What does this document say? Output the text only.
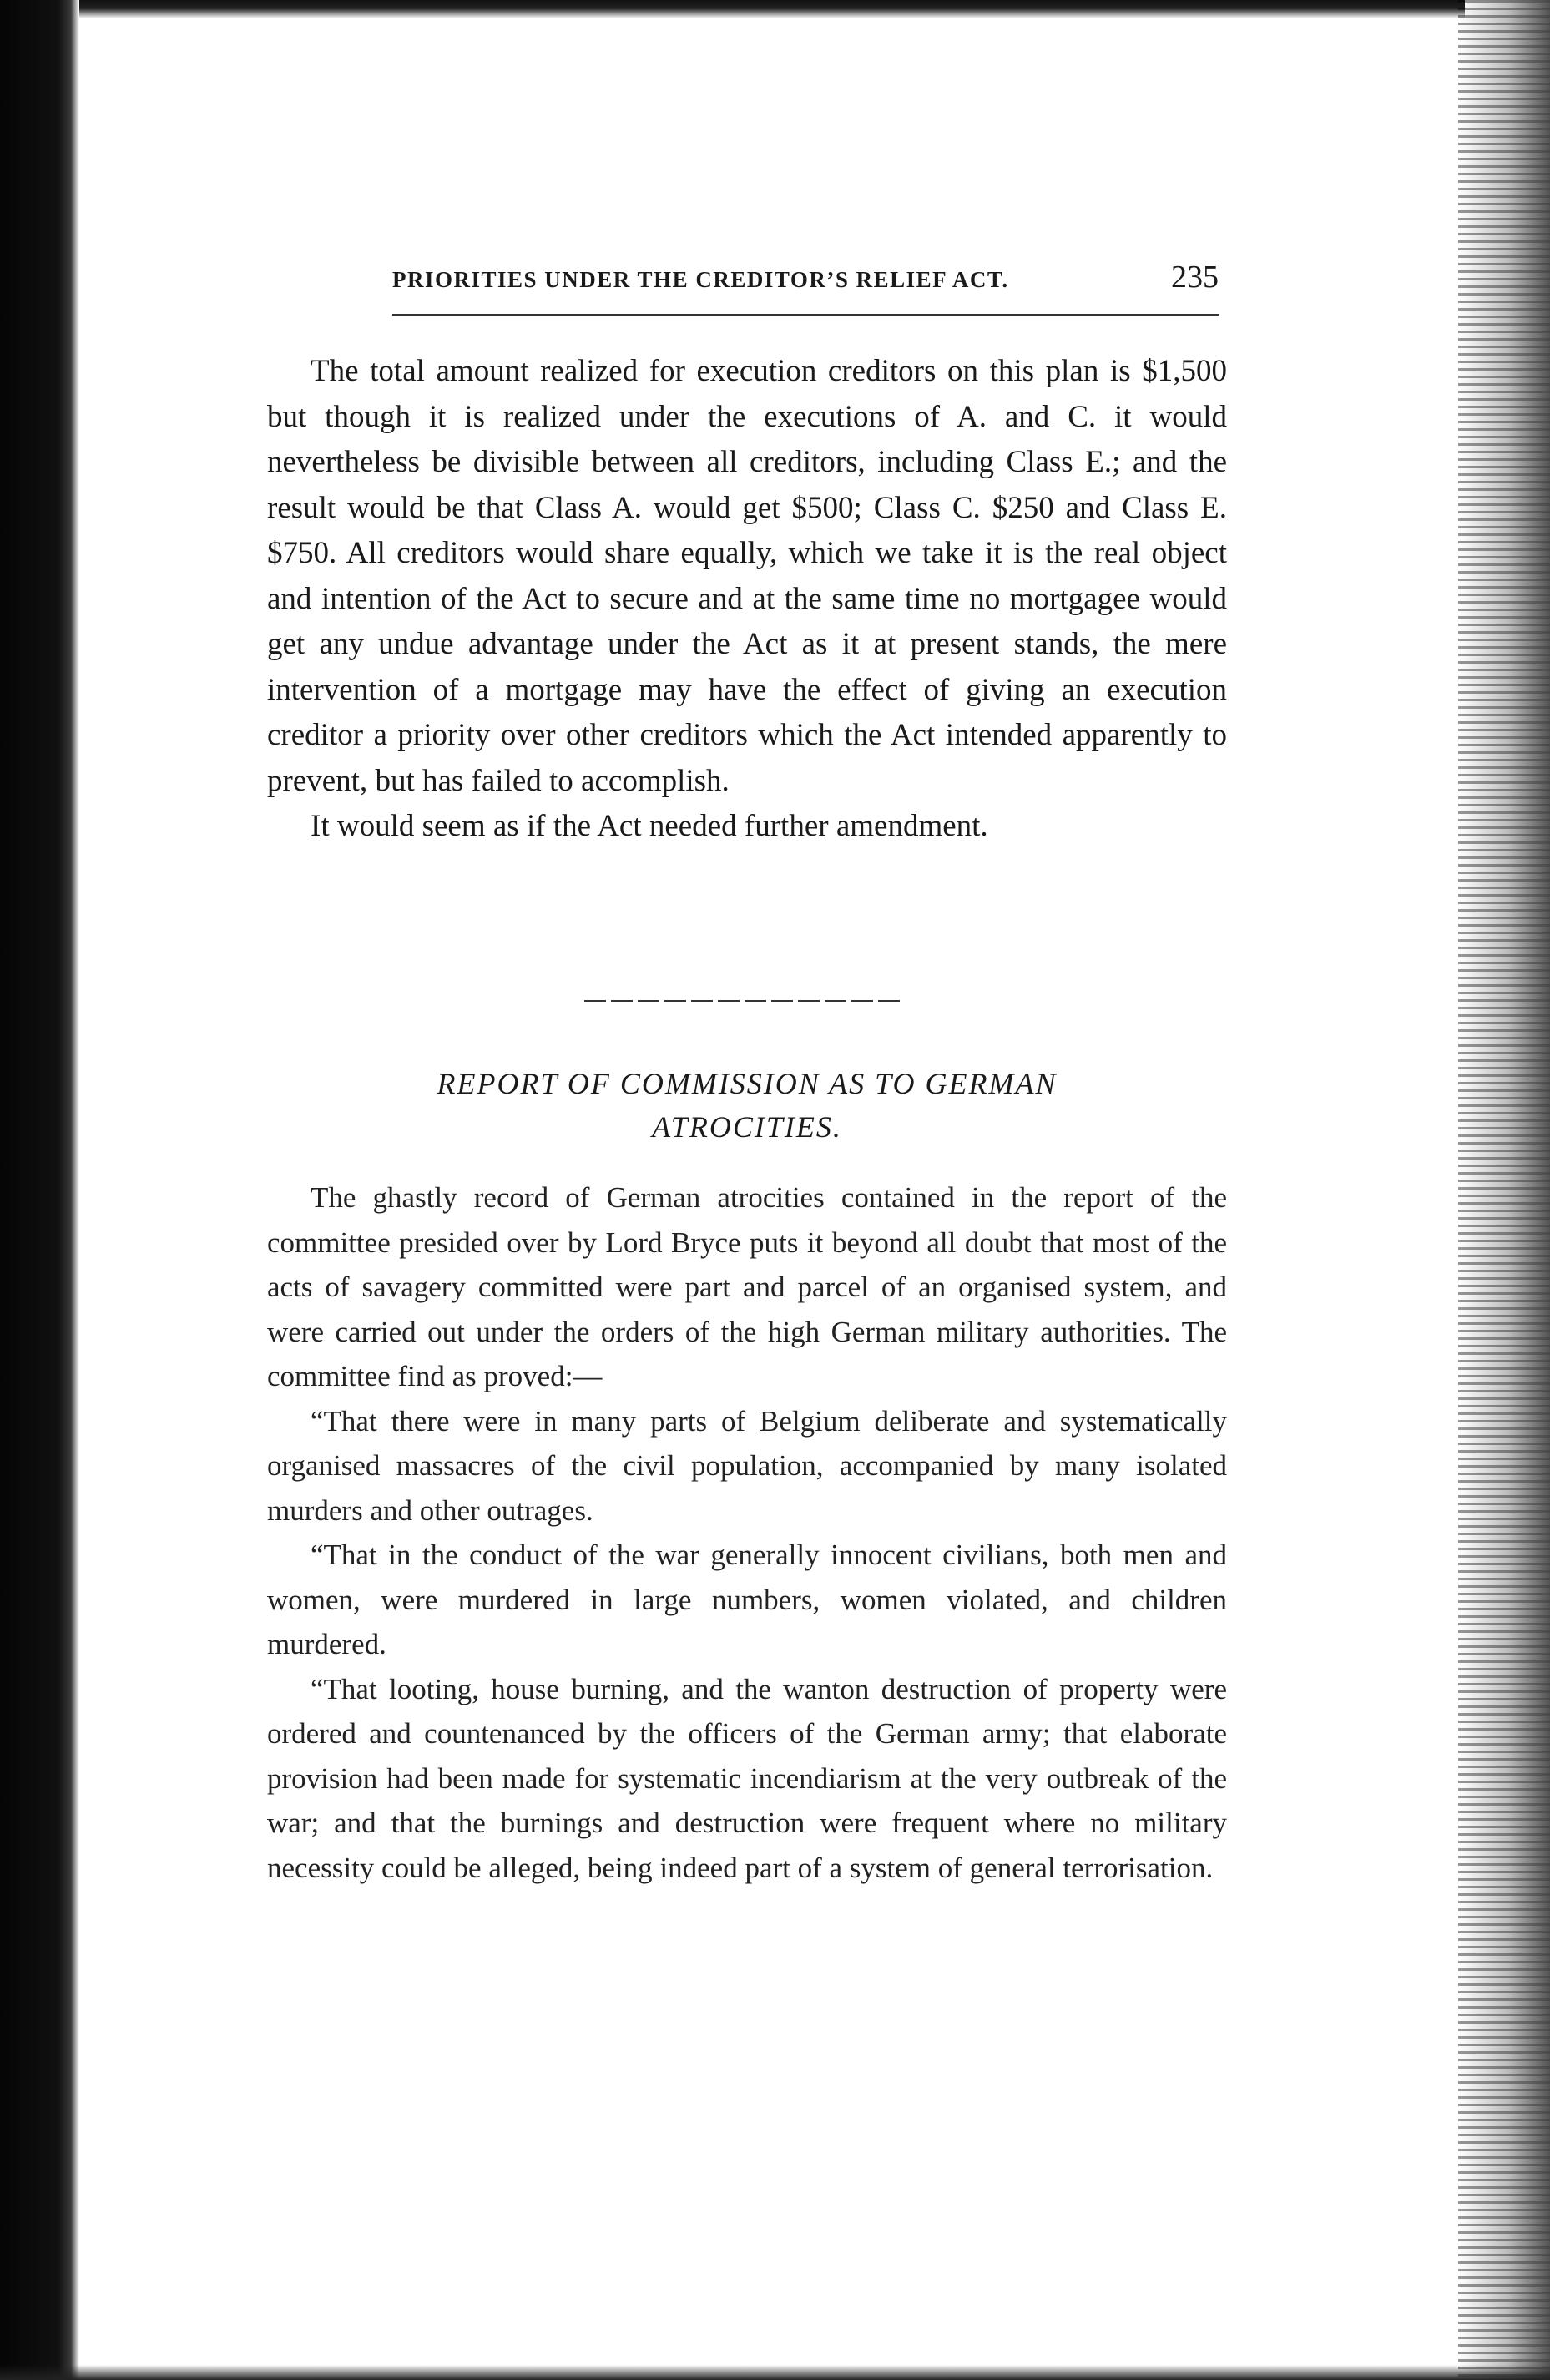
PRIORITIES UNDER THE CREDITOR’S RELIEF ACT.	235

The total amount realized for execution creditors on this plan is $1,500 but though it is realized under the executions of A. and C. it would nevertheless be divisible between all creditors, including Class E.; and the result would be that Class A. would get $500; Class C. $250 and Class E. $750. All creditors would share equally, which we take it is the real object and intention of the Act to secure and at the same time no mortgagee would get any undue advantage under the Act as it at present stands, the mere intervention of a mortgage may have the effect of giving an execution creditor a priority over other creditors which the Act intended apparently to prevent, but has failed to accomplish.

It would seem as if the Act needed further amendment.

REPORT OF COMMISSION AS TO GERMAN
ATROCITIES.

The ghastly record of German atrocities contained in the report of the committee presided over by Lord Bryce puts it beyond all doubt that most of the acts of savagery committed were part and parcel of an organised system, and were carried out under the orders of the high German military authorities. The committee find as proved:—

“That there were in many parts of Belgium deliberate and systematically organised massacres of the civil population, accompanied by many isolated murders and other outrages.

“That in the conduct of the war generally innocent civilians, both men and women, were murdered in large numbers, women violated, and children murdered.

“That looting, house burning, and the wanton destruction of property were ordered and countenanced by the officers of the German army; that elaborate provision had been made for systematic incendiarism at the very outbreak of the war; and that the burnings and destruction were frequent where no military necessity could be alleged, being indeed part of a system of general terrorisation.
